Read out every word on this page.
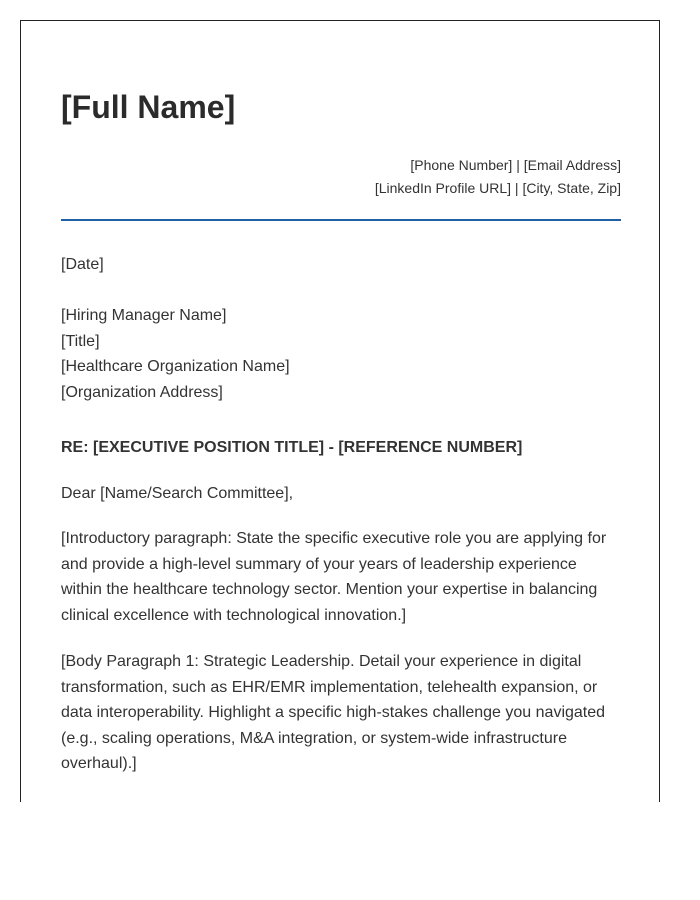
[Full Name]
[Phone Number] | [Email Address]
[LinkedIn Profile URL] | [City, State, Zip]
[Date]
[Hiring Manager Name]
[Title]
[Healthcare Organization Name]
[Organization Address]
RE: [EXECUTIVE POSITION TITLE] - [REFERENCE NUMBER]
Dear [Name/Search Committee],

[Introductory paragraph: State the specific executive role you are applying for and provide a high-level summary of your years of leadership experience within the healthcare technology sector. Mention your expertise in balancing clinical excellence with technological innovation.]

[Body Paragraph 1: Strategic Leadership. Detail your experience in digital transformation, such as EHR/EMR implementation, telehealth expansion, or data interoperability. Highlight a specific high-stakes challenge you navigated (e.g., scaling operations, M&A integration, or system-wide infrastructure overhaul).]
